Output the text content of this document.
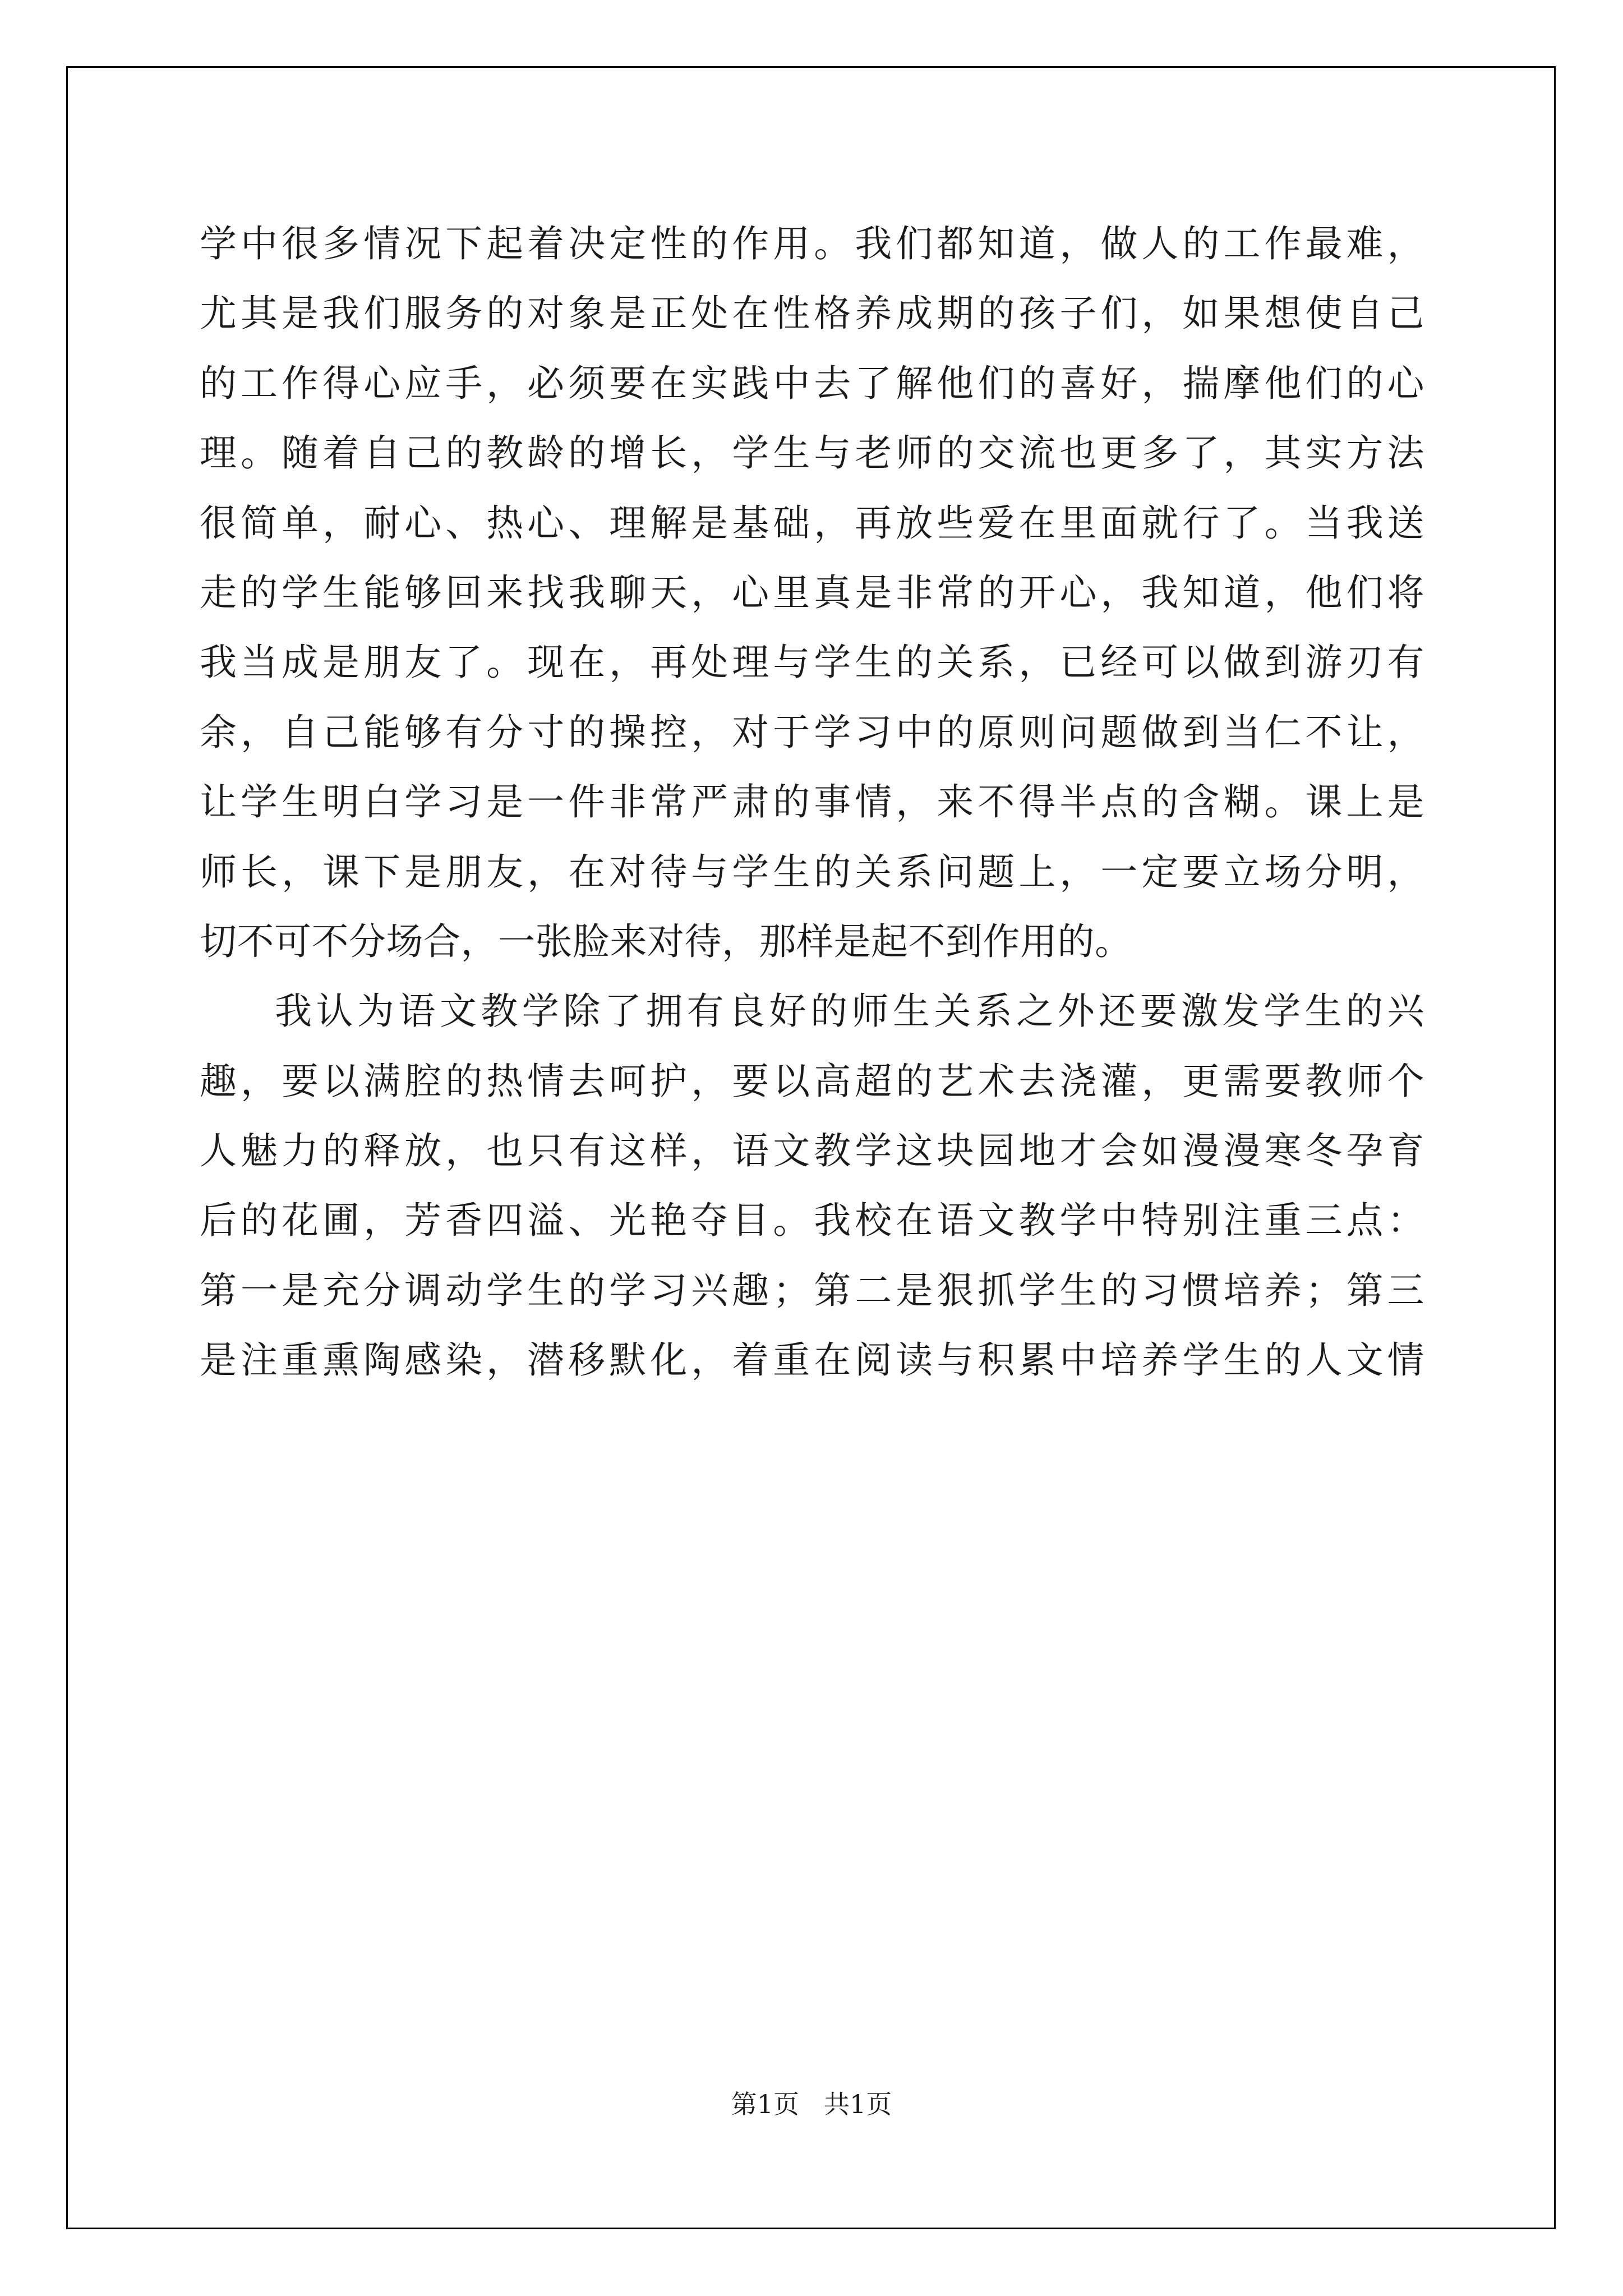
学中很多情况下起着决定性的作用。我们都知道，做人的工作最难，
尤其是我们服务的对象是正处在性格养成期的孩子们，如果想使自己
的工作得心应手，必须要在实践中去了解他们的喜好，揣摩他们的心
理。随着自己的教龄的增长，学生与老师的交流也更多了，其实方法
很简单，耐心、热心、理解是基础，再放些爱在里面就行了。当我送
走的学生能够回来找我聊天，心里真是非常的开心，我知道，他们将
我当成是朋友了。现在，再处理与学生的关系，已经可以做到游刃有
余，自己能够有分寸的操控，对于学习中的原则问题做到当仁不让，
让学生明白学习是一件非常严肃的事情，来不得半点的含糊。课上是
师长，课下是朋友，在对待与学生的关系问题上，一定要立场分明，
切不可不分场合，一张脸来对待，那样是起不到作用的。
我认为语文教学除了拥有良好的师生关系之外还要激发学生的兴
趣，要以满腔的热情去呵护，要以高超的艺术去浇灌，更需要教师个
人魅力的释放，也只有这样，语文教学这块园地才会如漫漫寒冬孕育
后的花圃，芳香四溢、光艳夺目。我校在语文教学中特别注重三点：
第一是充分调动学生的学习兴趣；第二是狠抓学生的习惯培养；第三
是注重熏陶感染，潜移默化，着重在阅读与积累中培养学生的人文情
第1页 共1页
